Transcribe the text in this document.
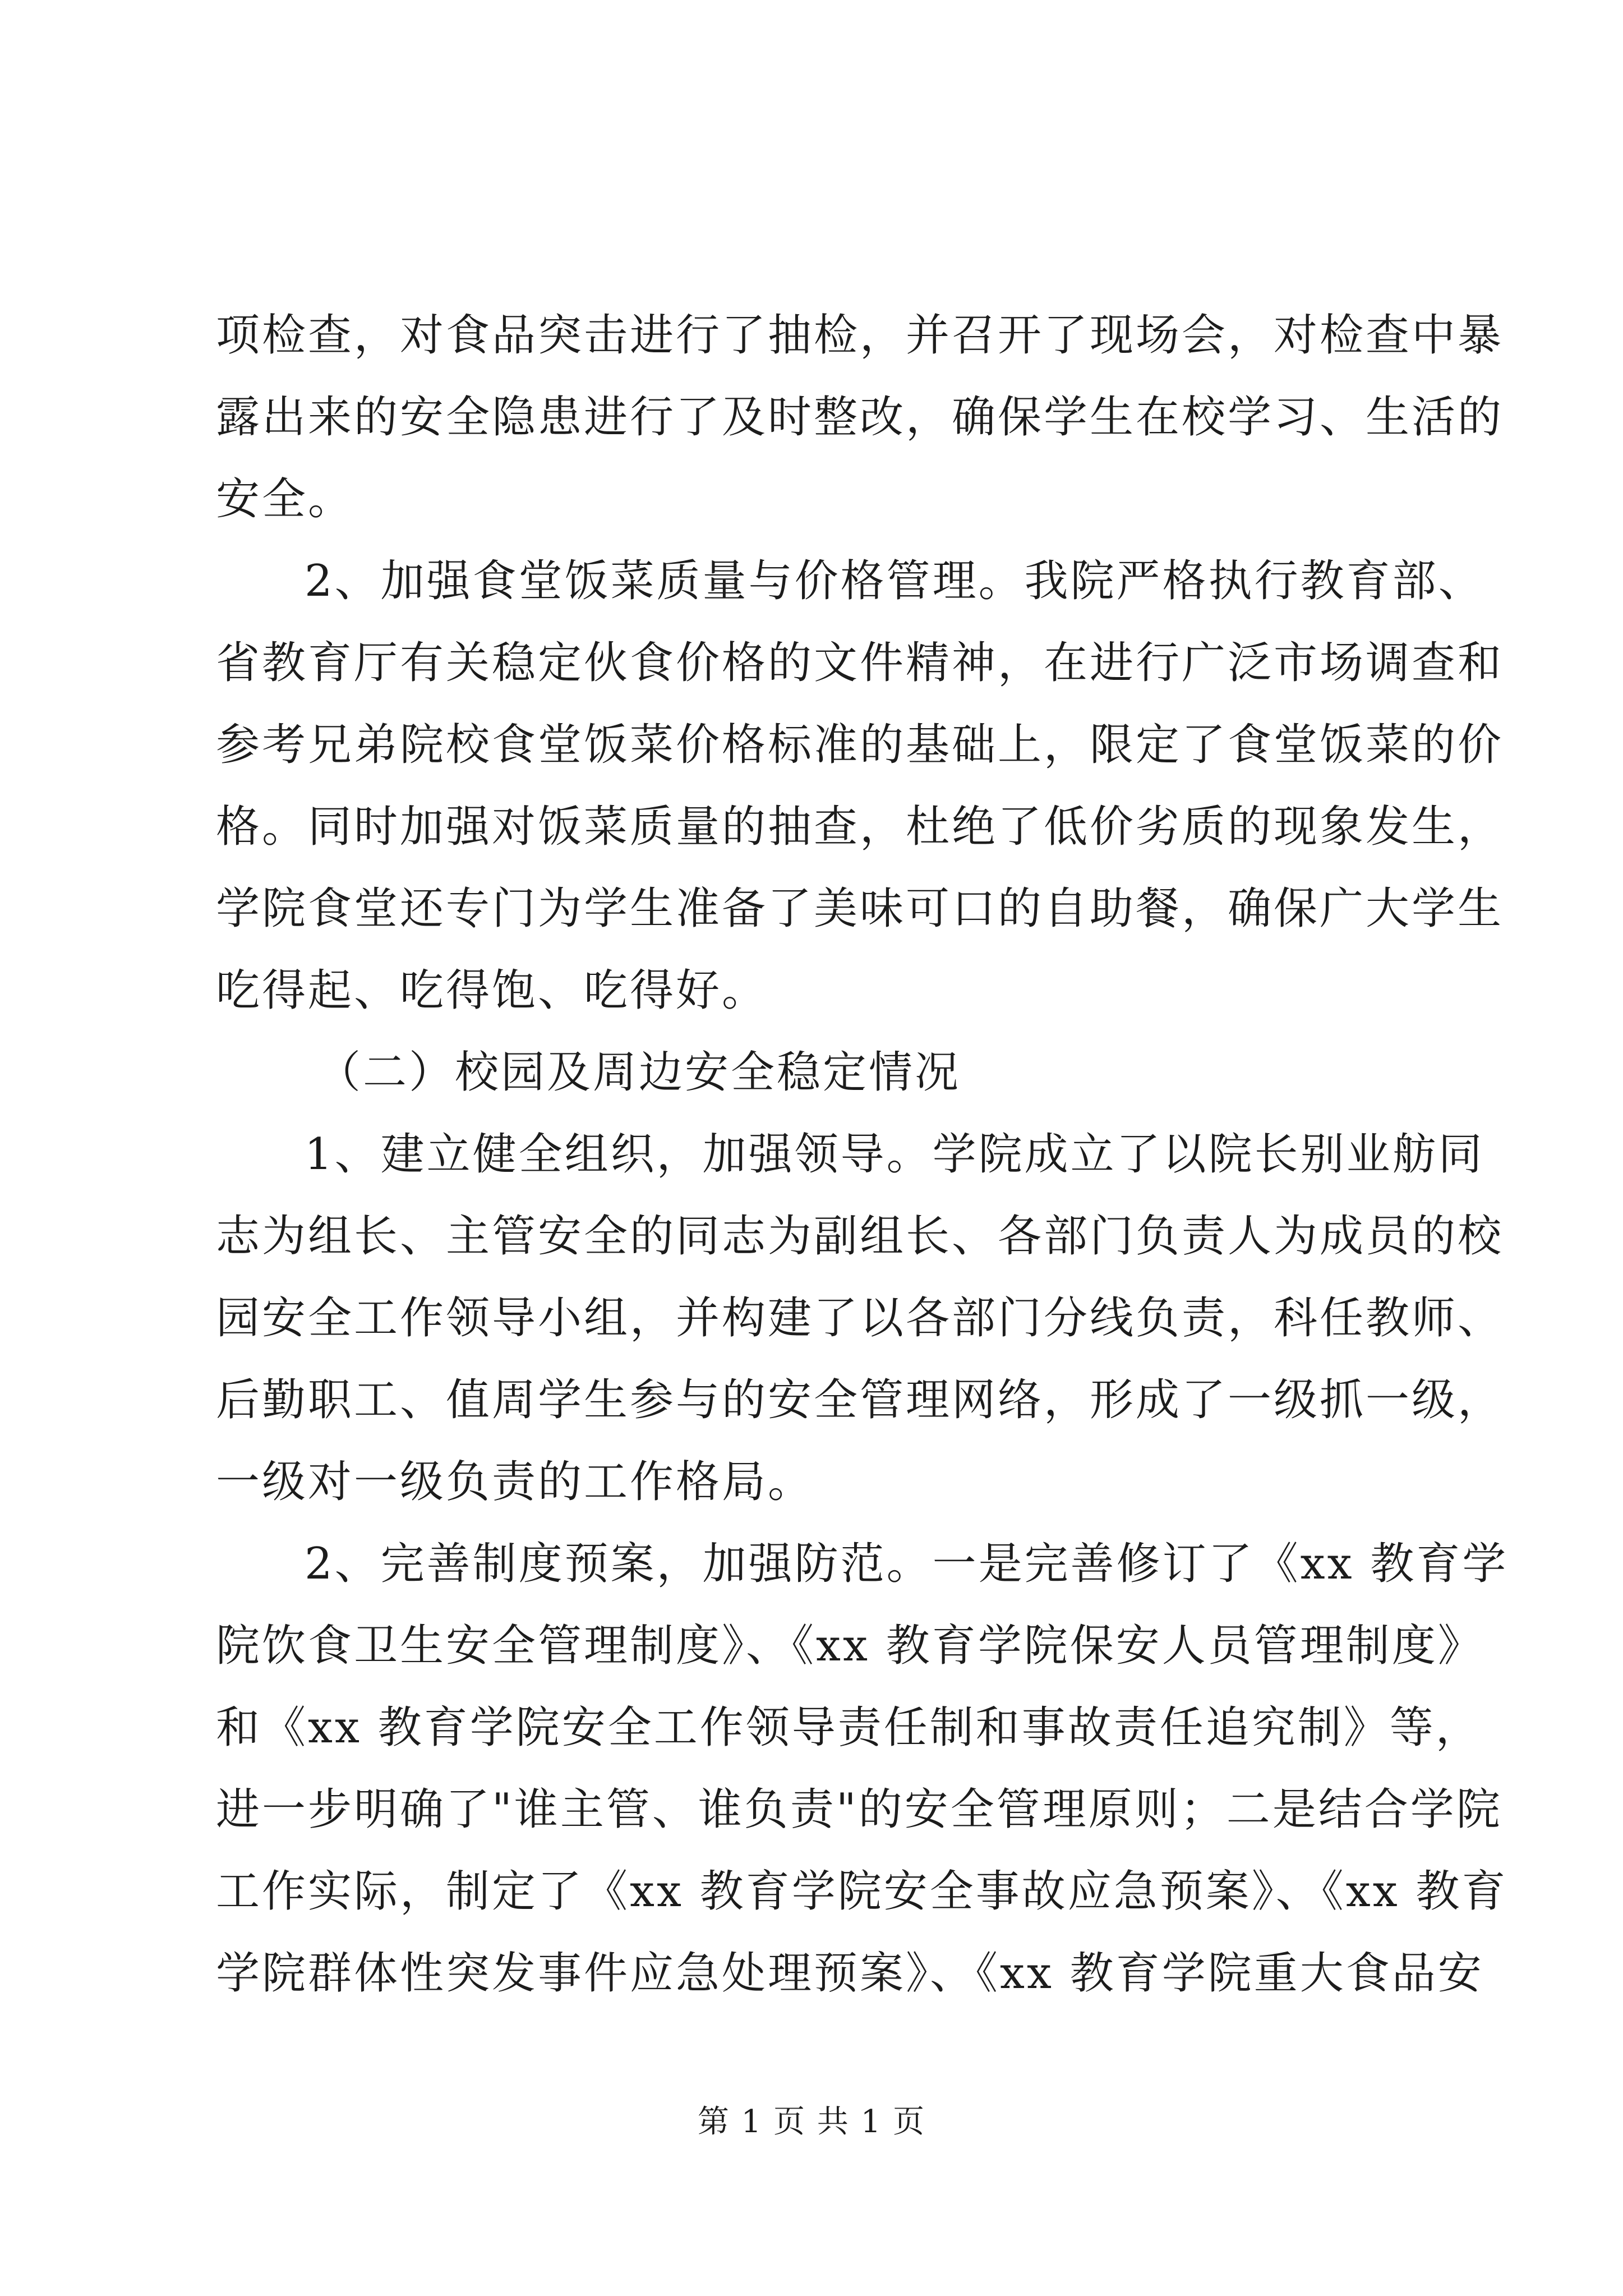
项检查，对食品突击进行了抽检，并召开了现场会，对检查中暴
露出来的安全隐患进行了及时整改，确保学生在校学习、生活的
安全。
2、加强食堂饭菜质量与价格管理。我院严格执行教育部、
省教育厅有关稳定伙食价格的文件精神，在进行广泛市场调查和
参考兄弟院校食堂饭菜价格标准的基础上，限定了食堂饭菜的价
格。同时加强对饭菜质量的抽查，杜绝了低价劣质的现象发生，
学院食堂还专门为学生准备了美味可口的自助餐，确保广大学生
吃得起、吃得饱、吃得好。
（二）校园及周边安全稳定情况
1、建立健全组织，加强领导。学院成立了以院长别业舫同
志为组长、主管安全的同志为副组长、各部门负责人为成员的校
园安全工作领导小组，并构建了以各部门分线负责，科任教师、
后勤职工、值周学生参与的安全管理网络，形成了一级抓一级，
一级对一级负责的工作格局。
2、完善制度预案，加强防范。一是完善修订了《xx 教育学
院饮食卫生安全管理制度》、《xx 教育学院保安人员管理制度》
和《xx 教育学院安全工作领导责任制和事故责任追究制》等，
进一步明确了"谁主管、谁负责"的安全管理原则；二是结合学院
工作实际，制定了《xx 教育学院安全事故应急预案》、《xx 教育
学院群体性突发事件应急处理预案》、《xx 教育学院重大食品安
第 1 页 共 1 页
